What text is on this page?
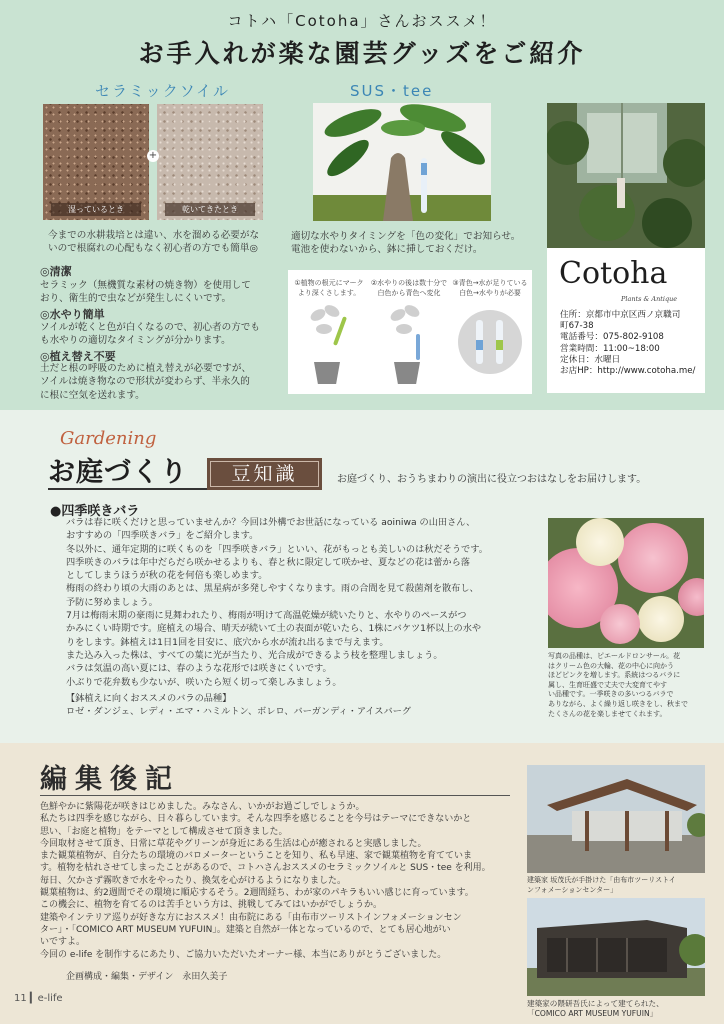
コトハ「Cotoha」さんおススメ！
お手入れが楽な園芸グッズをご紹介
セラミックソイル
湿っているとき	乾いてきたとき
+
今までの水耕栽培とは違い、水を溜める必要がな
いので根腐れの心配もなく初心者の方でも簡単◎
◎清潔
セラミック（無機質な素材の焼き物）を使用して
おり、衛生的で虫などが発生しにくいです。
◎水やり簡単
ソイルが乾くと色が白くなるので、初心者の方でも
も水やりの適切なタイミングが分かります。
◎植え替え不要
土だと根の呼吸のために植え替えが必要ですが、
ソイルは焼き物なので形状が変わらず、半永久的
に根に空気を送れます。
SUS・tee
適切な水やりタイミングを「色の変化」でお知らせ。
電池を使わないから、鉢に挿しておくだけ。
①植物の根元にマーク
より深くさします。
②水やりの後は数十分で
白色から青色へ変化
③青色→水が足りている
白色→水やりが必要
Cotoha
Plants & Antique
住所：京都市中京区西ノ京職司
町67-38
電話番号：075-802-9108
営業時間：11:00~18:00
定休日：水曜日
お店HP：http://www.cotoha.me/
Gardening
お庭づくり	豆知識	お庭づくり、おうちまわりの演出に役立つおはなしをお届けします。
●四季咲きバラ
バラは春に咲くだけと思っていませんか？今回は外構でお世話になっている aoiniwa の山田さん、
おすすめの「四季咲きバラ」をご紹介します。
冬以外に、通年定期的に咲くものを「四季咲きバラ」といい、花がもっとも美しいのは秋だそうです。
四季咲きのバラは年中だらだら咲かせるよりも、春と秋に限定して咲かせ、夏などの花は蕾から落
としてしまうほうが秋の花を何倍も楽しめます。
梅雨の終わり頃の大雨のあとは、黒星病が多発しやすくなります。雨の合間を見て殺菌剤を散布し、
予防に努めましょう。
7月は梅雨末期の豪雨に見舞われたり、梅雨が明けて高温乾燥が続いたりと、水やりのペースがつ
かみにくい時期です。庭植えの場合、晴天が続いて土の表面が乾いたら、1株にバケツ1杯以上の水や
りをします。鉢植えは1日1回を目安に、底穴から水が流れ出るまで与えます。
また込み入った株は、すべての葉に光が当たり、光合成ができるよう枝を整理しましょう。
バラは気温の高い夏には、春のような花形では咲きにくいです。
小ぶりで花弁数も少ないが、咲いたら短く切って楽しみましょう。
【鉢植えに向くおススメのバラの品種】
ロゼ・ダンジェ、レディ・エマ・ハミルトン、ボレロ、バーガンディ・アイスバーグ
写真の品種は、ピエールドロンサール。花
はクリーム色の大輪、花の中心に向かう
ほどピンクを増します。系統はつるバラに
属し、生育旺盛で丈夫で大変育てやす
い品種です。一季咲きの多いつるバラで
ありながら、よく繰り返し咲きをし、秋まで
たくさんの花を楽しませてくれます。
編集後記
色鮮やかに紫陽花が咲きはじめました。みなさん、いかがお過ごしでしょうか。
私たちは四季を感じながら、日々暮らしています。そんな四季を感じることを今号はテーマにできないかと
思い、「お庭と植物」をテーマとして構成させて頂きました。
今回取材させて頂き、日常に草花やグリーンが身近にある生活は心が癒されると実感しました。
また観葉植物が、自分たちの環境のバロメーターということを知り、私も早速、家で観葉植物を育てていま
す。植物を枯れさせてしまったことがあるので、コトハさんおススメのセラミックソイルと SUS・tee を利用。
毎日、欠かさず霧吹きで水をやったり、換気を心がけるようになりました。
観葉植物は、約2週間でその環境に順応するそう。2週間経ち、わが家のパキラもいい感じに育っています。
この機会に、植物を育てるのは苦手という方は、挑戦してみてはいかがでしょうか。
建築やインテリア巡りが好きな方におススメ！由布院にある「由布市ツーリストインフォメーションセン
ター」・「COMICO ART MUSEUM YUFUIN」。建築と自然が一体となっているので、とても居心地がい
いですよ。
今回の e-life を制作するにあたり、ご協力いただいたオーナー様、本当にありがとうございました。
企画構成・編集・デザイン　永田久美子
建築家 坂茂氏が手掛けた「由布市ツーリストイ
ンフォメーションセンター」
建築家の隈研吾氏によって建てられた、
「COMICO ART MUSEUM YUFUIN」
11 ▎e-life
